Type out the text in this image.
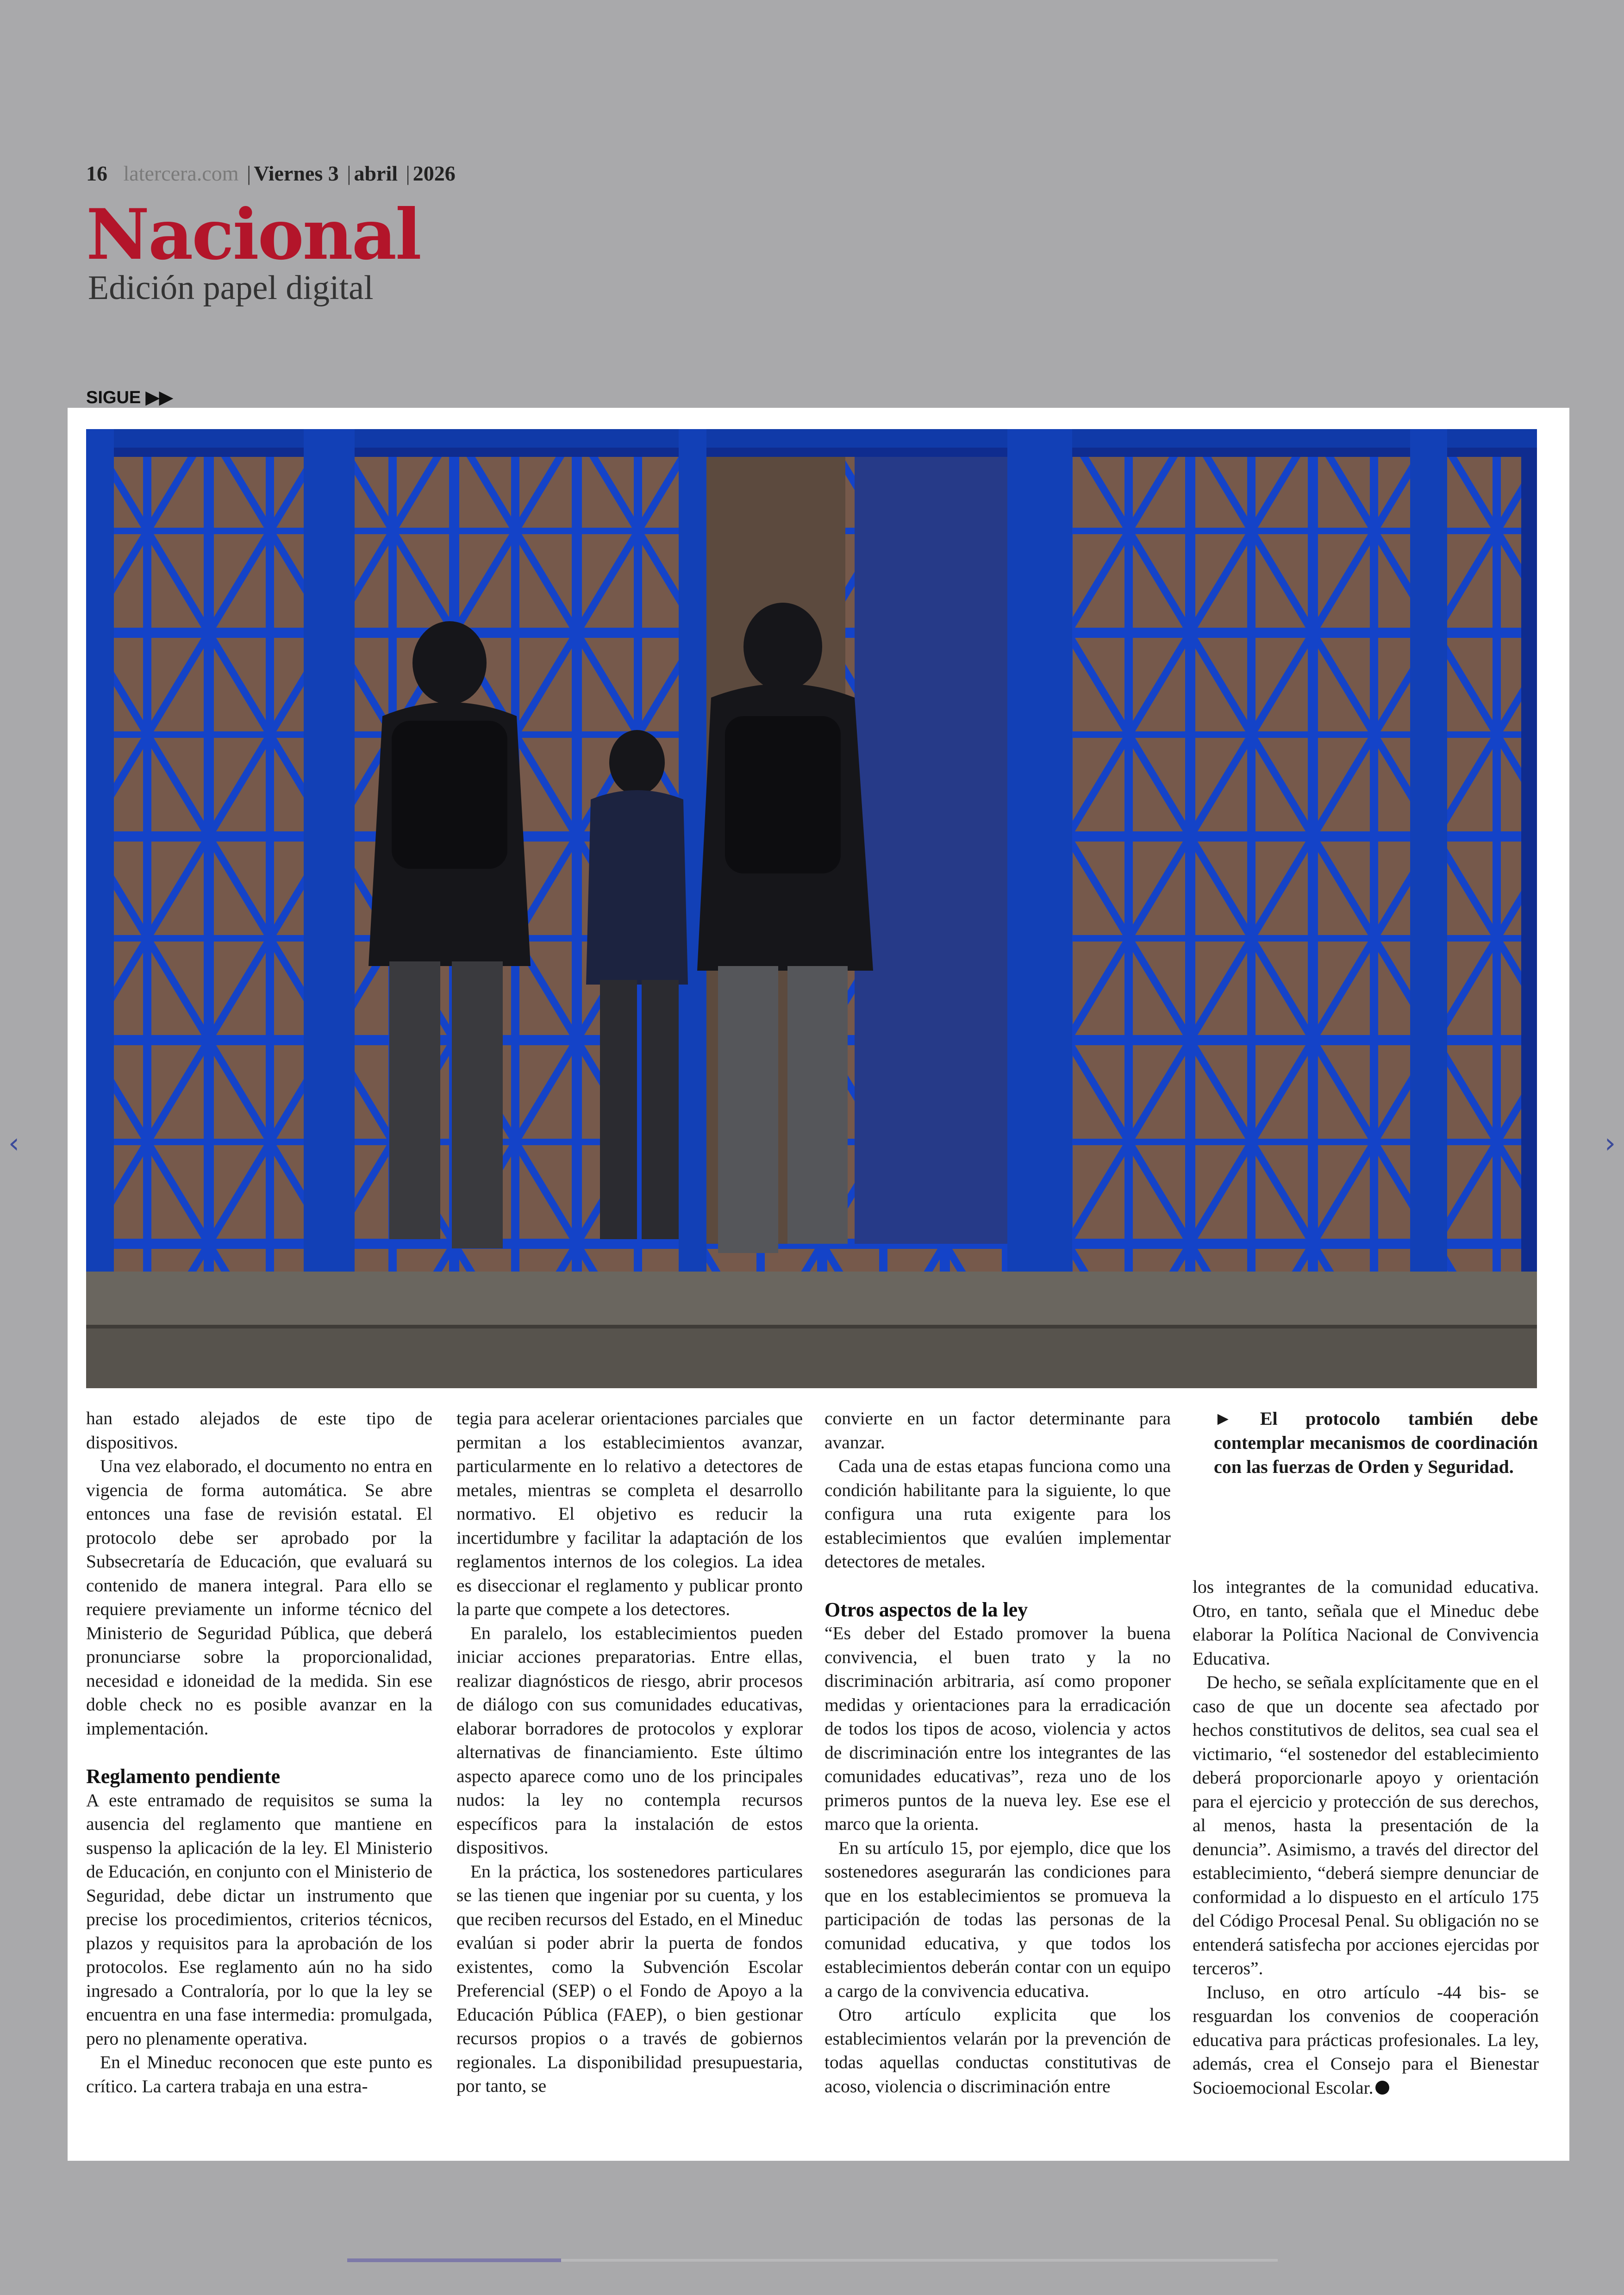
16 latercera.com | Viernes 3 | abril | 2026
Nacional
Edición papel digital
SIGUE ▶▶
‹	›

han estado alejados de este tipo de dispositivos.

Una vez elaborado, el documento no entra en vigencia de forma automática. Se abre entonces una fase de revisión estatal. El protocolo debe ser aprobado por la Subsecretaría de Educación, que evaluará su contenido de manera integral. Para ello se requiere previamente un informe técnico del Ministerio de Seguridad Pública, que deberá pronunciarse sobre la proporcionalidad, necesidad e idoneidad de la medida. Sin ese doble check no es posible avanzar en la implementación.

Reglamento pendiente

A este entramado de requisitos se suma la ausencia del reglamento que mantiene en suspenso la aplicación de la ley. El Ministerio de Educación, en conjunto con el Ministerio de Seguridad, debe dictar un instrumento que precise los procedimientos, criterios técnicos, plazos y requisitos para la aprobación de los protocolos. Ese reglamento aún no ha sido ingresado a Contraloría, por lo que la ley se encuentra en una fase intermedia: promulgada, pero no plenamente operativa.

En el Mineduc reconocen que este punto es crítico. La cartera trabaja en una estra-

tegia para acelerar orientaciones parciales que permitan a los establecimientos avanzar, particularmente en lo relativo a detectores de metales, mientras se completa el desarrollo normativo. El objetivo es reducir la incertidumbre y facilitar la adaptación de los reglamentos internos de los colegios. La idea es diseccionar el reglamento y publicar pronto la parte que compete a los detectores.

En paralelo, los establecimientos pueden iniciar acciones preparatorias. Entre ellas, realizar diagnósticos de riesgo, abrir procesos de diálogo con sus comunidades educativas, elaborar borradores de protocolos y explorar alternativas de financiamiento. Este último aspecto aparece como uno de los principales nudos: la ley no contempla recursos específicos para la instalación de estos dispositivos.

En la práctica, los sostenedores particulares se las tienen que ingeniar por su cuenta, y los que reciben recursos del Estado, en el Mineduc evalúan si poder abrir la puerta de fondos existentes, como la Subvención Escolar Preferencial (SEP) o el Fondo de Apoyo a la Educación Pública (FAEP), o bien gestionar recursos propios o a través de gobiernos regionales. La disponibilidad presupuestaria, por tanto, se

convierte en un factor determinante para avanzar.

Cada una de estas etapas funciona como una condición habilitante para la siguiente, lo que configura una ruta exigente para los establecimientos que evalúen implementar detectores de metales.

Otros aspectos de la ley

“Es deber del Estado promover la buena convivencia, el buen trato y la no discriminación arbitraria, así como proponer medidas y orientaciones para la erradicación de todos los tipos de acoso, violencia y actos de discriminación entre los integrantes de las comunidades educativas”, reza uno de los primeros puntos de la nueva ley. Ese ese el marco que la orienta.

En su artículo 15, por ejemplo, dice que los sostenedores asegurarán las condiciones para que en los establecimientos se promueva la participación de todas las personas de la comunidad educativa, y que todos los establecimientos deberán contar con un equipo a cargo de la convivencia educativa.

Otro artículo explicita que los establecimientos velarán por la prevención de todas aquellas conductas constitutivas de acoso, violencia o discriminación entre

► El protocolo también debe contemplar mecanismos de coordinación con las fuerzas de Orden y Seguridad.

los integrantes de la comunidad educativa. Otro, en tanto, señala que el Mineduc debe elaborar la Política Nacional de Convivencia Educativa.

De hecho, se señala explícitamente que en el caso de que un docente sea afectado por hechos constitutivos de delitos, sea cual sea el victimario, “el sostenedor del establecimiento deberá proporcionarle apoyo y orientación para el ejercicio y protección de sus derechos, al menos, hasta la presentación de la denuncia”. Asimismo, a través del director del establecimiento, “deberá siempre denunciar de conformidad a lo dispuesto en el artículo 175 del Código Procesal Penal. Su obligación no se entenderá satisfecha por acciones ejercidas por terceros”.

Incluso, en otro artículo -44 bis- se resguardan los convenios de cooperación educativa para prácticas profesionales. La ley, además, crea el Consejo para el Bienestar Socioemocional Escolar.
